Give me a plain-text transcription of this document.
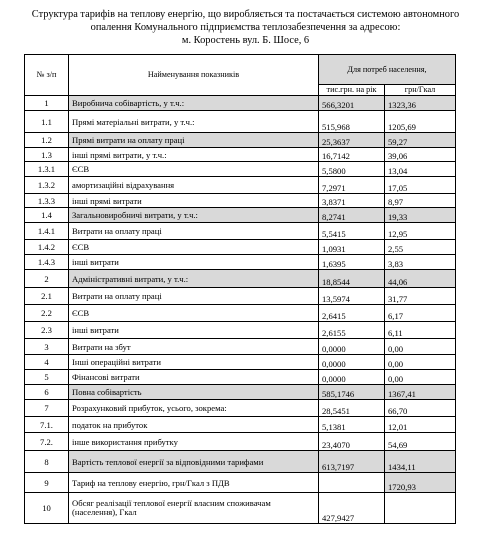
Структура тарифів на теплову енергію, що виробляється та постачається системою автономного
опалення Комунального підприємства теплозабезпечення за адресою:
м. Коростень вул. Б. Шосе, 6
№ з/п	Найменування показників	Для потреб населення,	
		тис.грн. на рік	грн/Гкал
1	Виробнича собівартість, у т.ч.:	566,3201	1323,36
1.1	Прямі матеріальні витрати, у т.ч.:	515,968	1205,69
1.2	Прямі витрати на оплату праці	25,3637	59,27
1.3	інші прямі витрати, у т.ч.:	16,7142	39,06
1.3.1	ЄСВ	5,5800	13,04
1.3.2	амортизаційні відрахування	7,2971	17,05
1.3.3	інші прямі витрати	3,8371	8,97
1.4	Загальновиробничі витрати, у т.ч.:	8,2741	19,33
1.4.1	Витрати на оплату праці	5,5415	12,95
1.4.2	ЄСВ	1,0931	2,55
1.4.3	інші витрати	1,6395	3,83
2	Адміністративні витрати, у т.ч.:	18,8544	44,06
2.1	Витрати на оплату праці	13,5974	31,77
2.2	ЄСВ	2,6415	6,17
2.3	інші витрати	2,6155	6,11
3	Витрати на збут	0,0000	0,00
4	Інші операційні витрати	0,0000	0,00
5	Фінансові витрати	0,0000	0,00
6	Повна собівартість	585,1746	1367,41
7	Розрахунковий прибуток, усього, зокрема:	28,5451	66,70
7.1.	податок на прибуток	5,1381	12,01
7.2.	інше використання прибутку	23,4070	54,69
8	Вартість теплової енергії за відповідними тарифами	613,7197	1434,11
9	Тариф на теплову енергію, грн/Гкал з ПДВ		1720,93
10	Обсяг реалізації теплової енергії власним споживачам (населення), Гкал	427,9427	
